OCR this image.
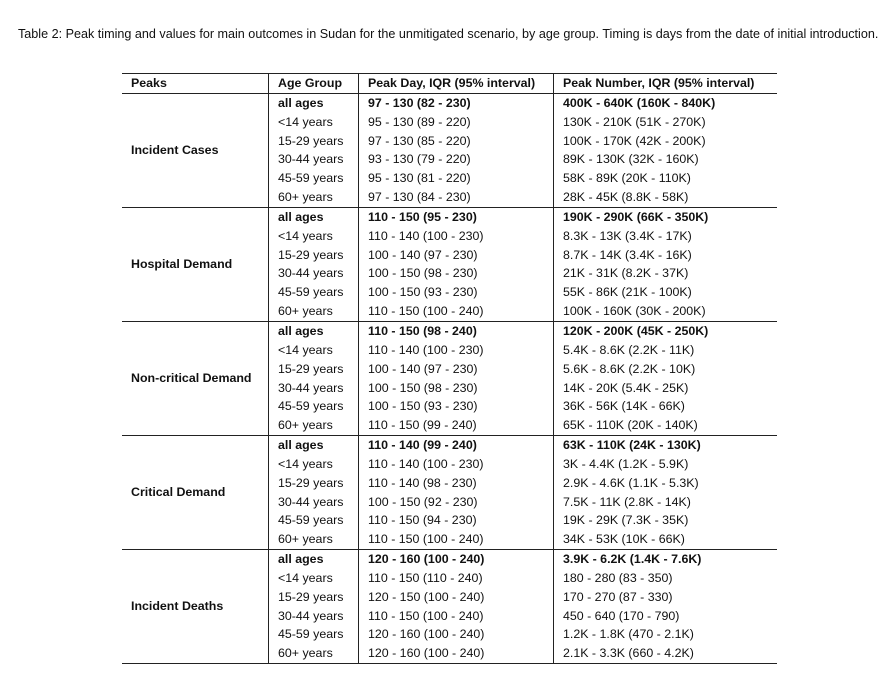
Table 2: Peak timing and values for main outcomes in Sudan for the unmitigated scenario, by age group. Timing is days from the date of initial introduction.
Peaks	Age Group	Peak Day, IQR (95% interval)	Peak Number, IQR (95% interval)
Incident Cases	all ages	97 - 130 (82 - 230)	400K - 640K (160K - 840K)
	<14 years	95 - 130 (89 - 220)	130K - 210K (51K - 270K)
	15-29 years	97 - 130 (85 - 220)	100K - 170K (42K - 200K)
	30-44 years	93 - 130 (79 - 220)	89K - 130K (32K - 160K)
	45-59 years	95 - 130 (81 - 220)	58K - 89K (20K - 110K)
	60+ years	97 - 130 (84 - 230)	28K - 45K (8.8K - 58K)
Hospital Demand	all ages	110 - 150 (95 - 230)	190K - 290K (66K - 350K)
	<14 years	110 - 140 (100 - 230)	8.3K - 13K (3.4K - 17K)
	15-29 years	100 - 140 (97 - 230)	8.7K - 14K (3.4K - 16K)
	30-44 years	100 - 150 (98 - 230)	21K - 31K (8.2K - 37K)
	45-59 years	100 - 150 (93 - 230)	55K - 86K (21K - 100K)
	60+ years	110 - 150 (100 - 240)	100K - 160K (30K - 200K)
Non-critical Demand	all ages	110 - 150 (98 - 240)	120K - 200K (45K - 250K)
	<14 years	110 - 140 (100 - 230)	5.4K - 8.6K (2.2K - 11K)
	15-29 years	100 - 140 (97 - 230)	5.6K - 8.6K (2.2K - 10K)
	30-44 years	100 - 150 (98 - 230)	14K - 20K (5.4K - 25K)
	45-59 years	100 - 150 (93 - 230)	36K - 56K (14K - 66K)
	60+ years	110 - 150 (99 - 240)	65K - 110K (20K - 140K)
Critical Demand	all ages	110 - 140 (99 - 240)	63K - 110K (24K - 130K)
	<14 years	110 - 140 (100 - 230)	3K - 4.4K (1.2K - 5.9K)
	15-29 years	110 - 140 (98 - 230)	2.9K - 4.6K (1.1K - 5.3K)
	30-44 years	100 - 150 (92 - 230)	7.5K - 11K (2.8K - 14K)
	45-59 years	110 - 150 (94 - 230)	19K - 29K (7.3K - 35K)
	60+ years	110 - 150 (100 - 240)	34K - 53K (10K - 66K)
Incident Deaths	all ages	120 - 160 (100 - 240)	3.9K - 6.2K (1.4K - 7.6K)
	<14 years	110 - 150 (110 - 240)	180 - 280 (83 - 350)
	15-29 years	120 - 150 (100 - 240)	170 - 270 (87 - 330)
	30-44 years	110 - 150 (100 - 240)	450 - 640 (170 - 790)
	45-59 years	120 - 160 (100 - 240)	1.2K - 1.8K (470 - 2.1K)
	60+ years	120 - 160 (100 - 240)	2.1K - 3.3K (660 - 4.2K)
